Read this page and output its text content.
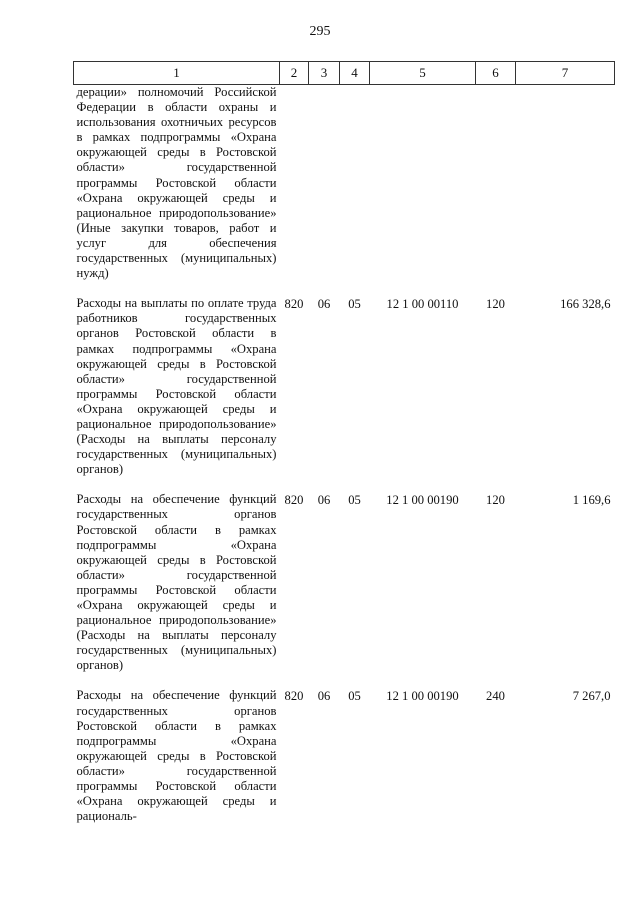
295
1	2	3	4	5	6	7
дерации» полномочий Российской Федерации в области охраны и использования охотничьих ресурсов в рамках подпрограммы «Охрана окружающей среды в Ростовской области» государственной программы Ростовской области «Охрана окружающей среды и рациональное природопользование» (Иные закупки товаров, работ и услуг для обеспечения государственных (муниципальных) нужд)						

Расходы на выплаты по оплате труда работников государственных органов Ростовской области в рамках подпрограммы «Охрана окружающей среды в Ростовской области» государственной программы Ростовской области «Охрана окружающей среды и рациональное природопользование» (Расходы на выплаты персоналу государственных (муниципальных) органов)	820	06	05	12 1 00 00110	120	166 328,6

Расходы на обеспечение функций государственных органов Ростовской области в рамках подпрограммы «Охрана окружающей среды в Ростовской области» государственной программы Ростовской области «Охрана окружающей среды и рациональное природопользование» (Расходы на выплаты персоналу государственных (муниципальных) органов)	820	06	05	12 1 00 00190	120	1 169,6

Расходы на обеспечение функций государственных органов Ростовской области в рамках подпрограммы «Охрана окружающей среды в Ростовской области» государственной программы Ростовской области «Охрана окружающей среды и рациональ-	820	06	05	12 1 00 00190	240	7 267,0
